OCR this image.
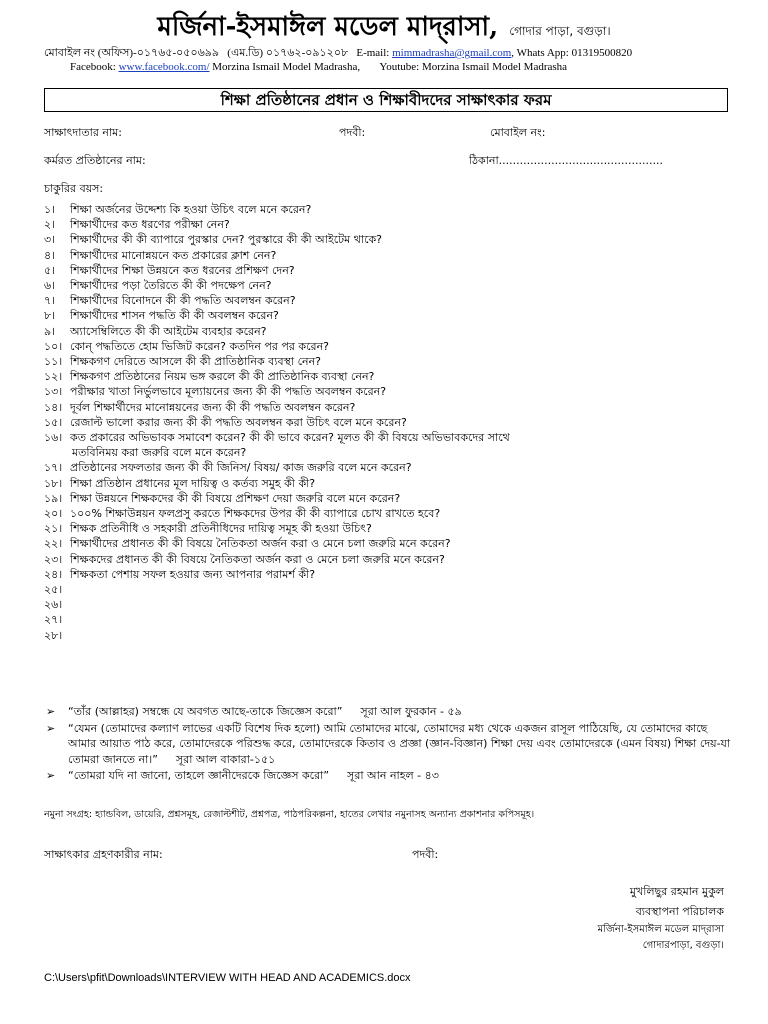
মর্জিনা-ইসমাঈল মডেল মাদ্‌রাসা, গোদার পাড়া, বগুড়া।
মোবাইল নং (অফিস)-০১৭৬৫-০৫০৬৯৯ (এম.ডি) ০১৭৬২-০৯১২০৮ E-mail: mimmadrasha@gmail.com, Whats App: 01319500820
Facebook: www.facebook.com/ Morzina Ismail Model Madrasha, Youtube: Morzina Ismail Model Madrasha
শিক্ষা প্রতিষ্ঠানের প্রধান ও শিক্ষাবীদদের সাক্ষাৎকার ফরম
সাক্ষাৎদাতার নাম:	পদবী:	মোবাইল নং:
কর্মরত প্রতিষ্ঠানের নাম:	ঠিকানা...............................................
চাকুরির বয়স:
১। শিক্ষা অর্জনের উদ্দেশ্য কি হওয়া উচিৎ বলে মনে করেন?
২। শিক্ষার্থীদের কত ধরণের পরীক্ষা নেন?
৩। শিক্ষার্থীদের কী কী ব্যাপারে পুরস্কার দেন? পুরস্কারে কী কী আইটেম থাকে?
৪। শিক্ষার্থীদের মানোন্নয়নে কত প্রকারের ক্লাশ নেন?
৫। শিক্ষার্থীদের শিক্ষা উন্নয়নে কত ধরনের প্রশিক্ষণ দেন?
৬। শিক্ষার্থীদের পড়া তৈরিতে কী কী পদক্ষেপ নেন?
৭। শিক্ষার্থীদের বিনোদনে কী কী পদ্ধতি অবলম্বন করেন?
৮। শিক্ষার্থীদের শাসন পদ্ধতি কী কী অবলম্বন করেন?
৯। অ্যাসেম্বিলিতে কী কী আইটেম ব্যবহার করেন?
১০। কোন্‌ পদ্ধতিতে হোম ভিজিট করেন? কতদিন পর পর করেন?
১১। শিক্ষকগণ দেরিতে আসলে কী কী প্রাতিষ্ঠানিক ব্যবস্থা নেন?
১২। শিক্ষকগণ প্রতিষ্ঠানের নিয়ম ভঙ্গ করলে কী কী প্রাতিষ্ঠানিক ব্যবস্থা নেন?
১৩। পরীক্ষার খাতা নির্ভুলভাবে মূল্যায়নের জন্য কী কী পদ্ধতি অবলম্বন করেন?
১৪। দূর্বল শিক্ষার্থীদের মানোন্নয়নের জন্য কী কী পদ্ধতি অবলম্বন করেন?
১৫। রেজাল্ট ভালো করার জন্য কী কী পদ্ধতি অবলম্বন করা উচিৎ বলে মনে করেন?
১৬। কত প্রকারের অভিভাবক সমাবেশ করেন? কী কী ভাবে করেন? মূলত কী কী বিষয়ে অভিভাবকদের সাথে
মতবিনিময় করা জরুরি বলে মনে করেন?
১৭। প্রতিষ্ঠানের সফলতার জন্য কী কী জিনিস/ বিষয়/ কাজ জরুরি বলে মনে করেন?
১৮। শিক্ষা প্রতিষ্ঠান প্রধানের মূল দায়িত্ব ও কর্তব্য সমুহ কী কী?
১৯। শিক্ষা উন্নয়নে শিক্ষকদের কী কী বিষয়ে প্রশিক্ষণ দেয়া জরুরি বলে মনে করেন?
২০। ১০০% শিক্ষাউন্নয়ন ফলপ্রসু করতে শিক্ষকদের উপর কী কী ব্যাপারে চোখ রাখতে হবে?
২১। শিক্ষক প্রতিনীধি ও সহকারী প্রতিনীধিদের দায়িত্ব সমূহ কী হওয়া উচিৎ?
২২। শিক্ষার্থীদের প্রধানত কী কী বিষয়ে নৈতিকতা অর্জন করা ও মেনে চলা জরুরি মনে করেন?
২৩। শিক্ষকদের প্রধানত কী কী বিষয়ে নৈতিকতা অর্জন করা ও মেনে চলা জরুরি মনে করেন?
২৪। শিক্ষকতা পেশায় সফল হওয়ার জন্য আপনার পরামর্শ কী?
২৫।
২৬।
২৭।
২৮।
➢ “তাঁর (আল্লাহর) সম্বন্ধে যে অবগত আছে-তাকে জিজ্ঞেস করো” সূরা আল ফুরকান - ৫৯
➢ “যেমন (তোমাদের কল্যাণ লাভের একটি বিশেষ দিক হলো) আমি তোমাদের মাঝে, তোমাদের মধ্য থেকে একজন রাসূল পাঠিয়েছি, যে তোমাদের কাছে আমার আয়াত পাঠ করে, তোমাদেরকে পরিশুদ্ধ করে, তোমাদেরকে কিতাব ও প্রজ্ঞা (জ্ঞান-বিজ্ঞান) শিক্ষা দেয় এবং তোমাদেরকে (এমন বিষয়) শিক্ষা দেয়-যা তোমরা জানতে না।” সূরা আল বাকারা-১৫১
➢ “তোমরা যদি না জানো, তাহলে জ্ঞানীদেরকে জিজ্ঞেস করো” সূরা আন নাহল - ৪৩
নমুনা সংগ্রহ: হ্যান্ডবিল, ডায়েরি, প্রশ্নসমূহ, রেজাল্টশীট, প্রশ্নপত্র, পাঠপরিকল্পনা, হাতের লেখার নমুনাসহ অন্যান্য প্রকাশনার কপিসমূহ।
সাক্ষাৎকার গ্রহণকারীর নাম:	পদবী:
মুখলিছুর রহমান মুকুল
ব্যবস্থাপনা পরিচালক
মর্জিনা-ইসমাঈল মডেল মাদ্‌রাসা
গোদারপাড়া, বগুড়া।
C:\Users\pfit\Downloads\INTERVIEW WITH HEAD AND ACADEMICS.docx
